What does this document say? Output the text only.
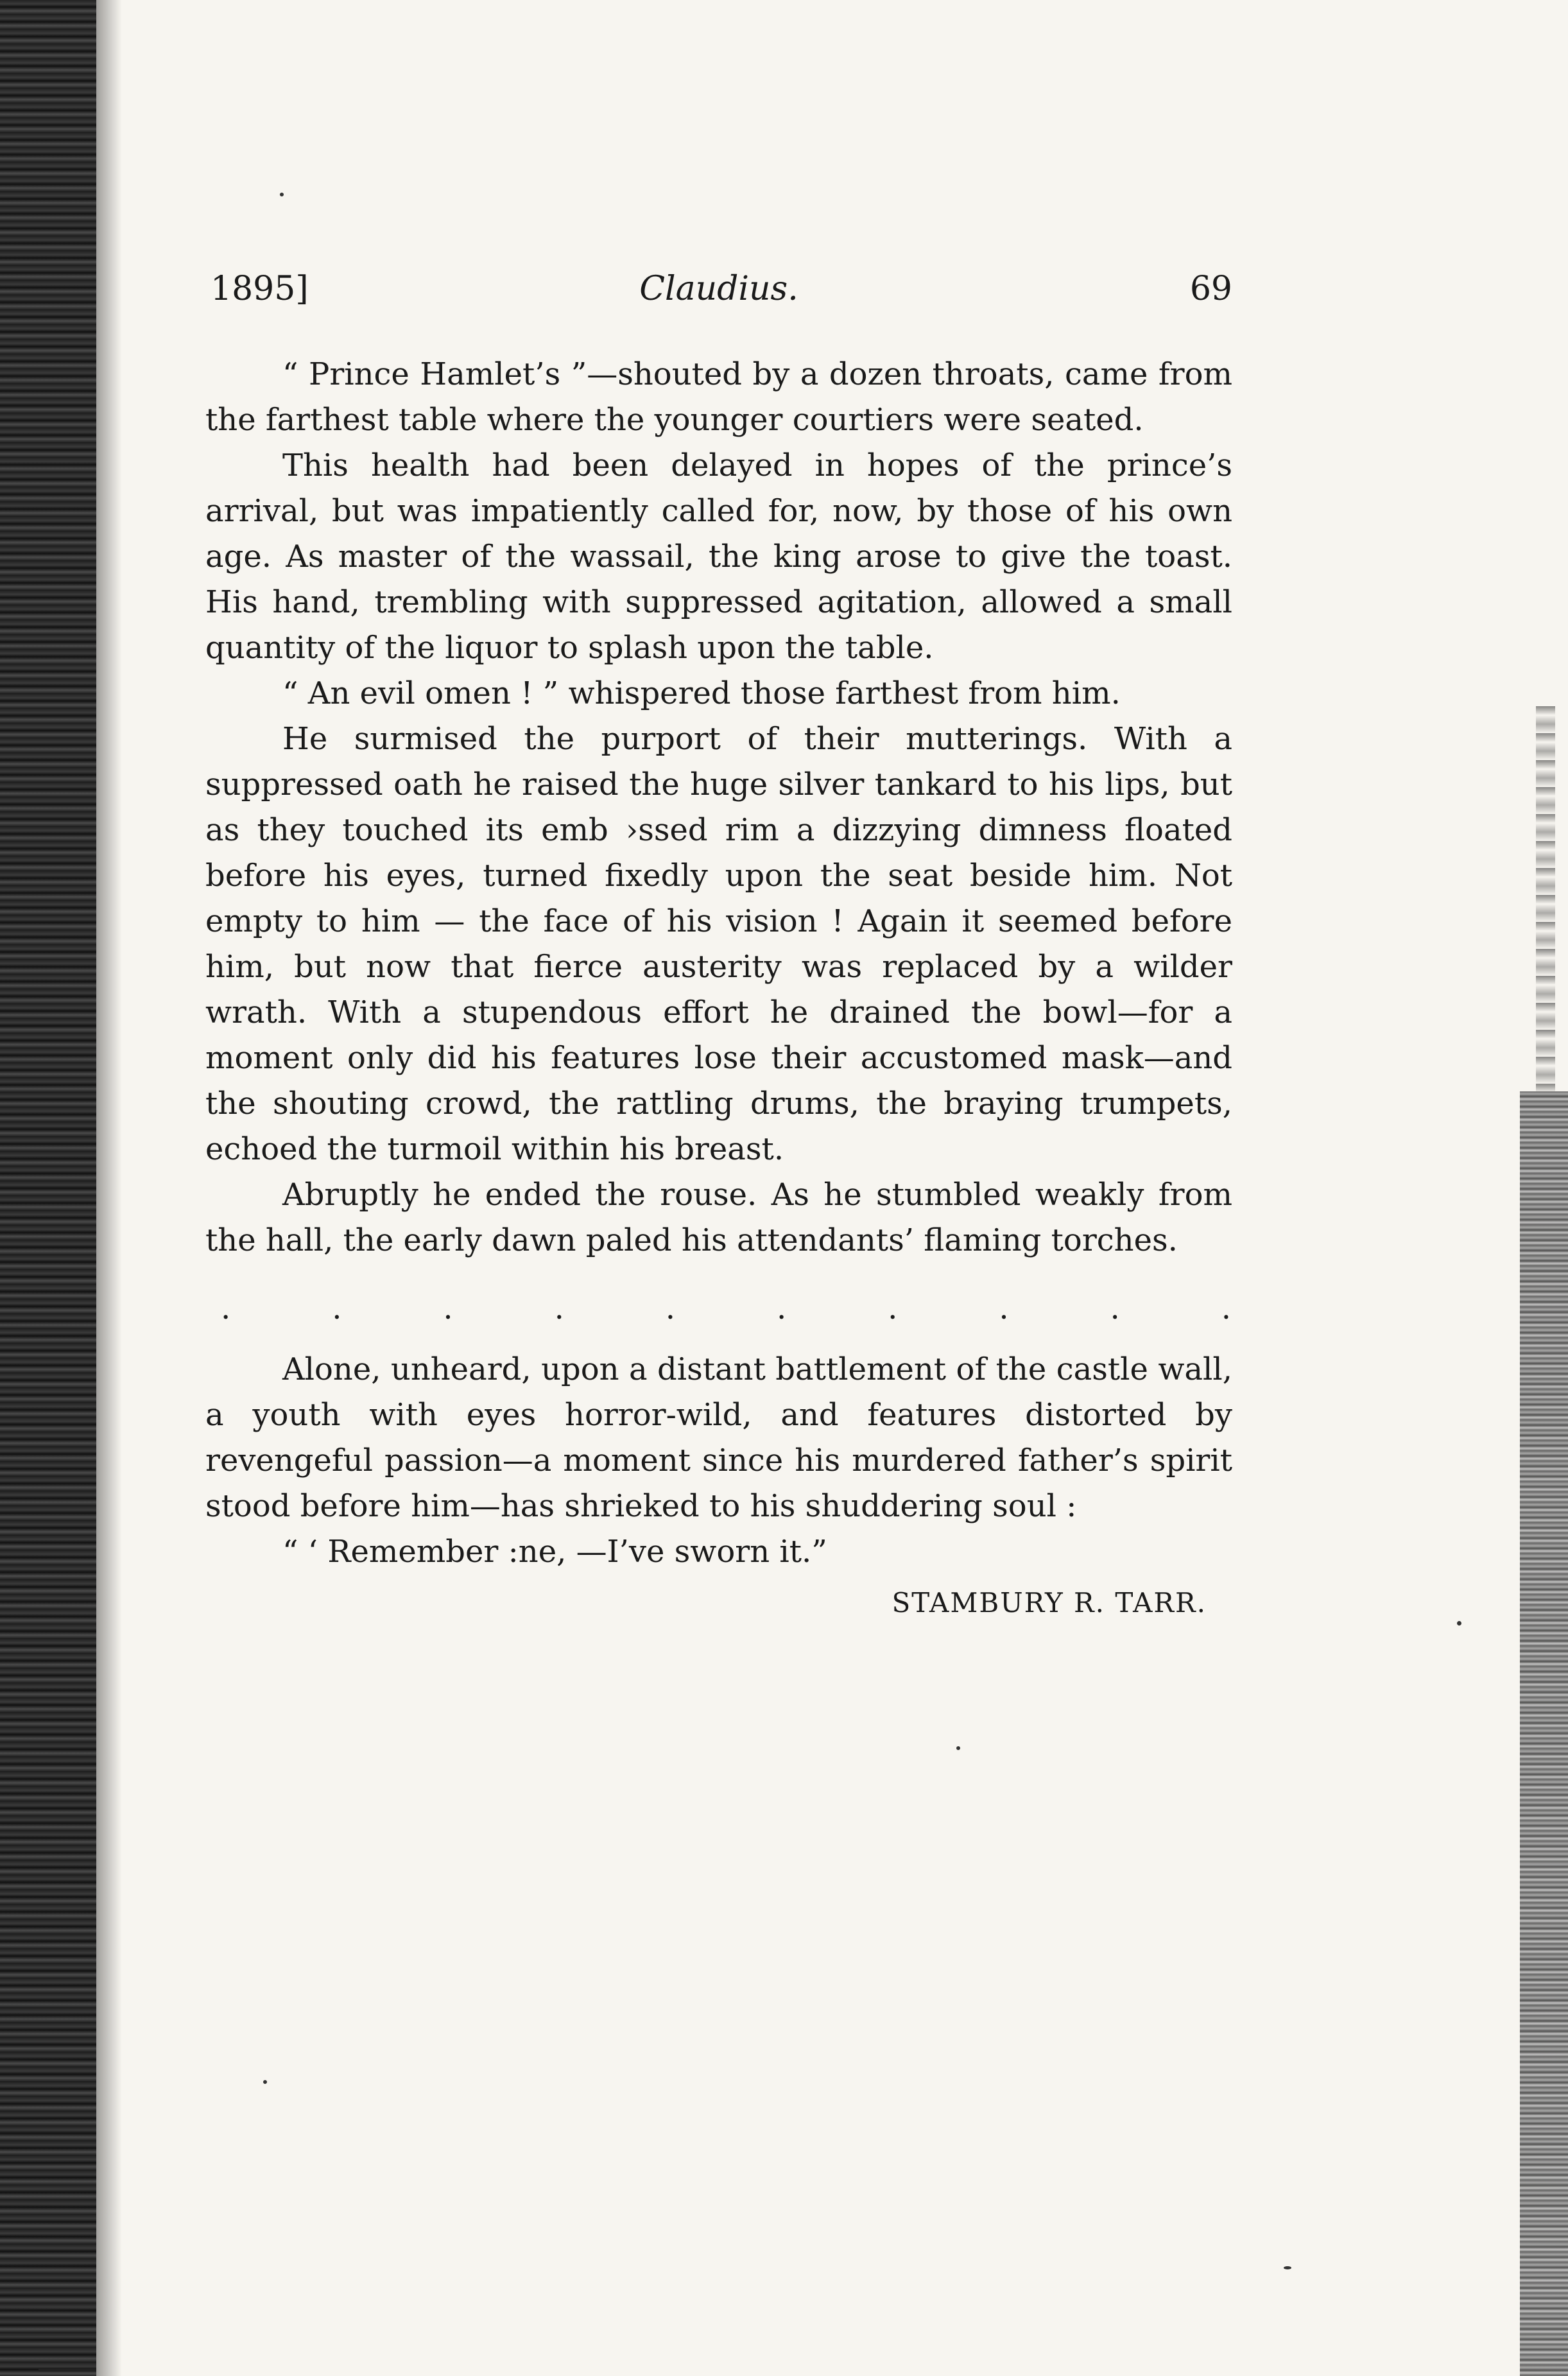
1895]	Claudius.	69

“ Prince Hamlet’s ”—shouted by a dozen throats, came from the farthest table where the younger courtiers were seated.

This health had been delayed in hopes of the prince’s arrival, but was impatiently called for, now, by those of his own age. As master of the wassail, the king arose to give the toast. His hand, trembling with suppressed agitation, allowed a small quantity of the liquor to splash upon the table.

“ An evil omen ! ” whispered those farthest from him.

He surmised the purport of their mutterings. With a suppressed oath he raised the huge silver tankard to his lips, but as they touched its emb ›ssed rim a dizzying dimness floated before his eyes, turned fixedly upon the seat beside him. Not empty to him — the face of his vision ! Again it seemed before him, but now that fierce austerity was replaced by a wilder wrath. With a stupendous effort he drained the bowl—for a moment only did his features lose their accustomed mask—and the shouting crowd, the rattling drums, the braying trumpets, echoed the turmoil within his breast.

Abruptly he ended the rouse. As he stumbled weakly from the hall, the early dawn paled his attendants’ flaming torches.

.	.	.	.	.	.	.	.	.	.

Alone, unheard, upon a distant battlement of the castle wall, a youth with eyes horror-wild, and features distorted by revengeful passion—a moment since his murdered father’s spirit stood before him—has shrieked to his shuddering soul :

“ ‘ Remember :ne, —I’ve sworn it.”

STAMBURY R. TARR.
